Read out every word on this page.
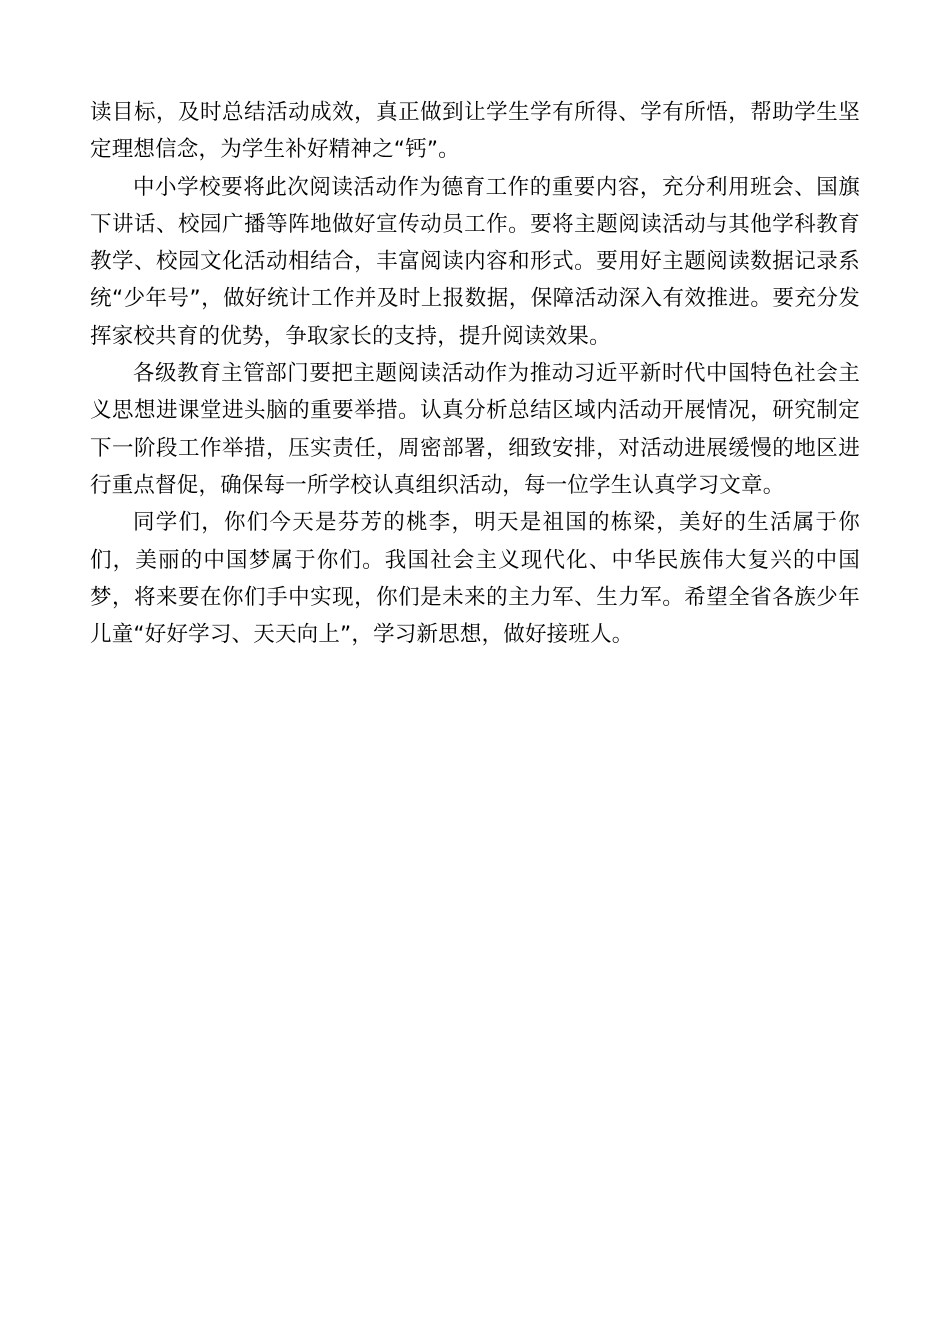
读目标，及时总结活动成效，真正做到让学生学有所得、学有所悟，帮助学生坚定理想信念，为学生补好精神之“钙”。

中小学校要将此次阅读活动作为德育工作的重要内容，充分利用班会、国旗下讲话、校园广播等阵地做好宣传动员工作。要将主题阅读活动与其他学科教育教学、校园文化活动相结合，丰富阅读内容和形式。要用好主题阅读数据记录系统“少年号”，做好统计工作并及时上报数据，保障活动深入有效推进。要充分发挥家校共育的优势，争取家长的支持，提升阅读效果。

各级教育主管部门要把主题阅读活动作为推动习近平新时代中国特色社会主义思想进课堂进头脑的重要举措。认真分析总结区域内活动开展情况，研究制定下一阶段工作举措，压实责任，周密部署，细致安排，对活动进展缓慢的地区进行重点督促，确保每一所学校认真组织活动，每一位学生认真学习文章。

同学们，你们今天是芬芳的桃李，明天是祖国的栋梁，美好的生活属于你们，美丽的中国梦属于你们。我国社会主义现代化、中华民族伟大复兴的中国梦，将来要在你们手中实现，你们是未来的主力军、生力军。希望全省各族少年儿童“好好学习、天天向上”，学习新思想，做好接班人。
